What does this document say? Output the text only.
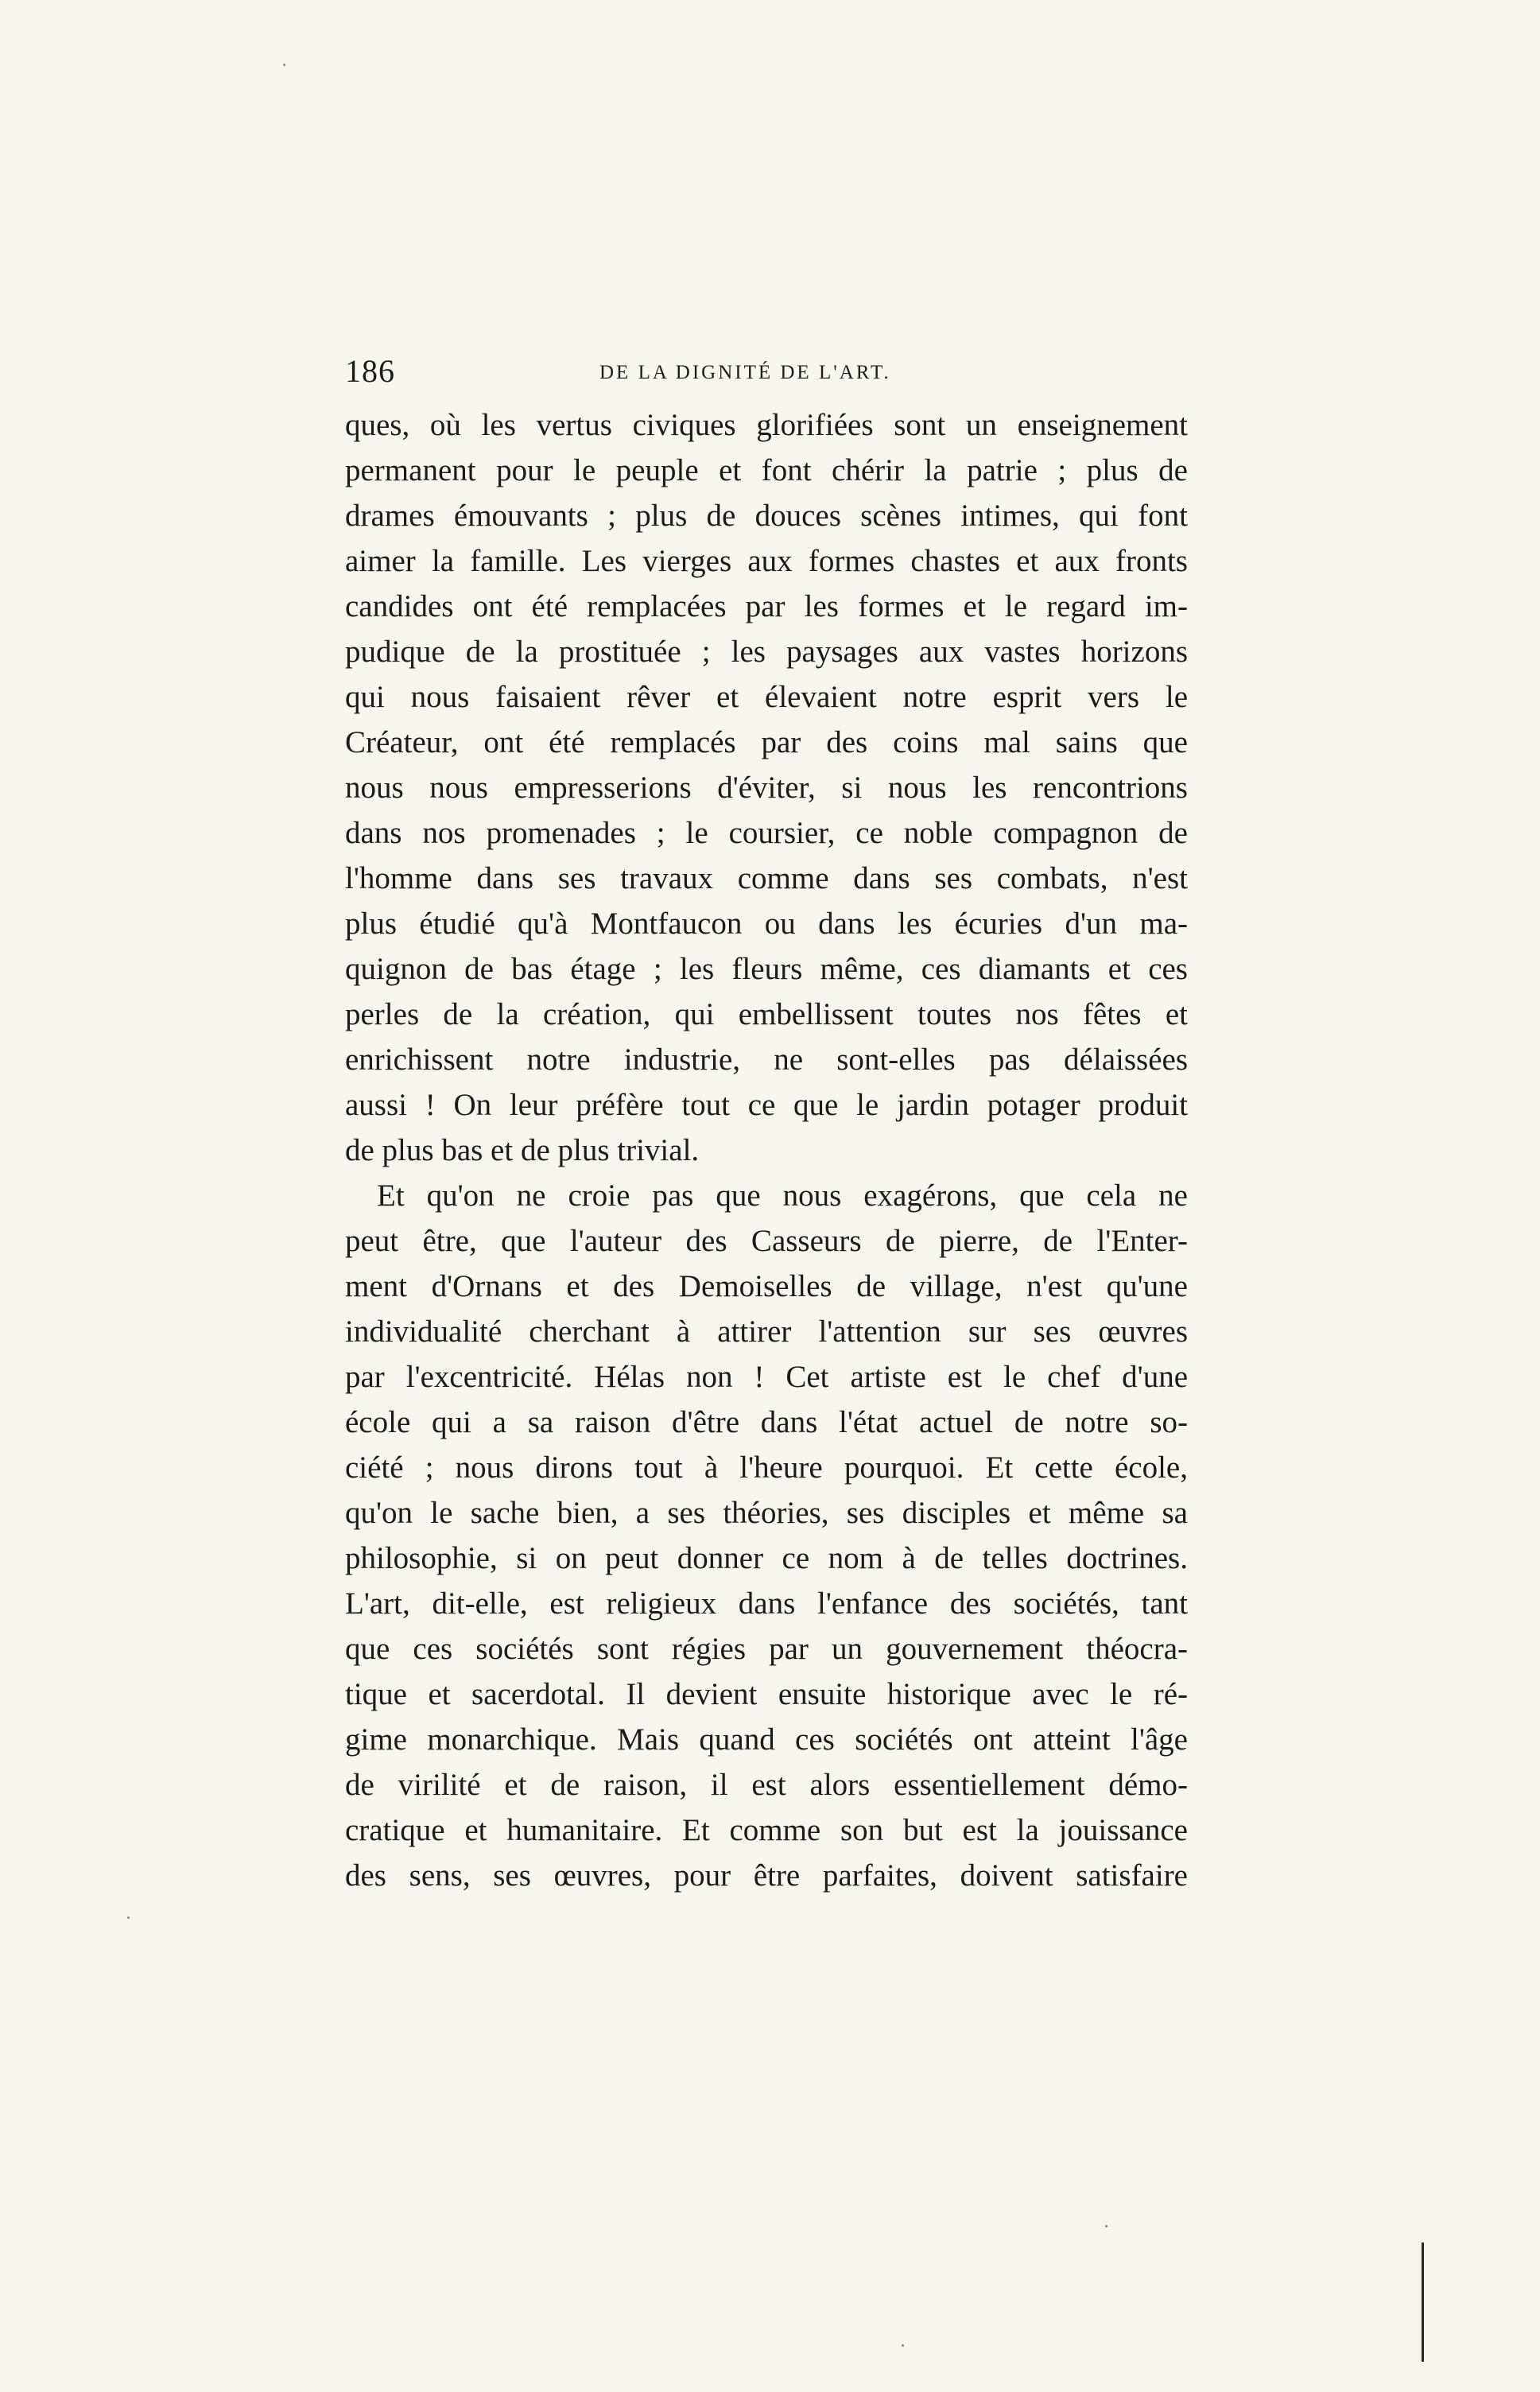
186	DE LA DIGNITÉ DE L'ART.

ques, où les vertus civiques glorifiées sont un enseignement
permanent pour le peuple et font chérir la patrie ; plus de
drames émouvants ; plus de douces scènes intimes, qui font
aimer la famille. Les vierges aux formes chastes et aux fronts
candides ont été remplacées par les formes et le regard im-
pudique de la prostituée ; les paysages aux vastes horizons
qui nous faisaient rêver et élevaient notre esprit vers le
Créateur, ont été remplacés par des coins mal sains que
nous nous empresserions d'éviter, si nous les rencontrions
dans nos promenades ; le coursier, ce noble compagnon de
l'homme dans ses travaux comme dans ses combats, n'est
plus étudié qu'à Montfaucon ou dans les écuries d'un ma-
quignon de bas étage ; les fleurs même, ces diamants et ces
perles de la création, qui embellissent toutes nos fêtes et
enrichissent notre industrie, ne sont-elles pas délaissées
aussi ! On leur préfère tout ce que le jardin potager produit
de plus bas et de plus trivial.

Et qu'on ne croie pas que nous exagérons, que cela ne
peut être, que l'auteur des Casseurs de pierre, de l'Enter-
ment d'Ornans et des Demoiselles de village, n'est qu'une
individualité cherchant à attirer l'attention sur ses œuvres
par l'excentricité. Hélas non ! Cet artiste est le chef d'une
école qui a sa raison d'être dans l'état actuel de notre so-
ciété ; nous dirons tout à l'heure pourquoi. Et cette école,
qu'on le sache bien, a ses théories, ses disciples et même sa
philosophie, si on peut donner ce nom à de telles doctrines.
L'art, dit-elle, est religieux dans l'enfance des sociétés, tant
que ces sociétés sont régies par un gouvernement théocra-
tique et sacerdotal. Il devient ensuite historique avec le ré-
gime monarchique. Mais quand ces sociétés ont atteint l'âge
de virilité et de raison, il est alors essentiellement démo-
cratique et humanitaire. Et comme son but est la jouissance
des sens, ses œuvres, pour être parfaites, doivent satisfaire
